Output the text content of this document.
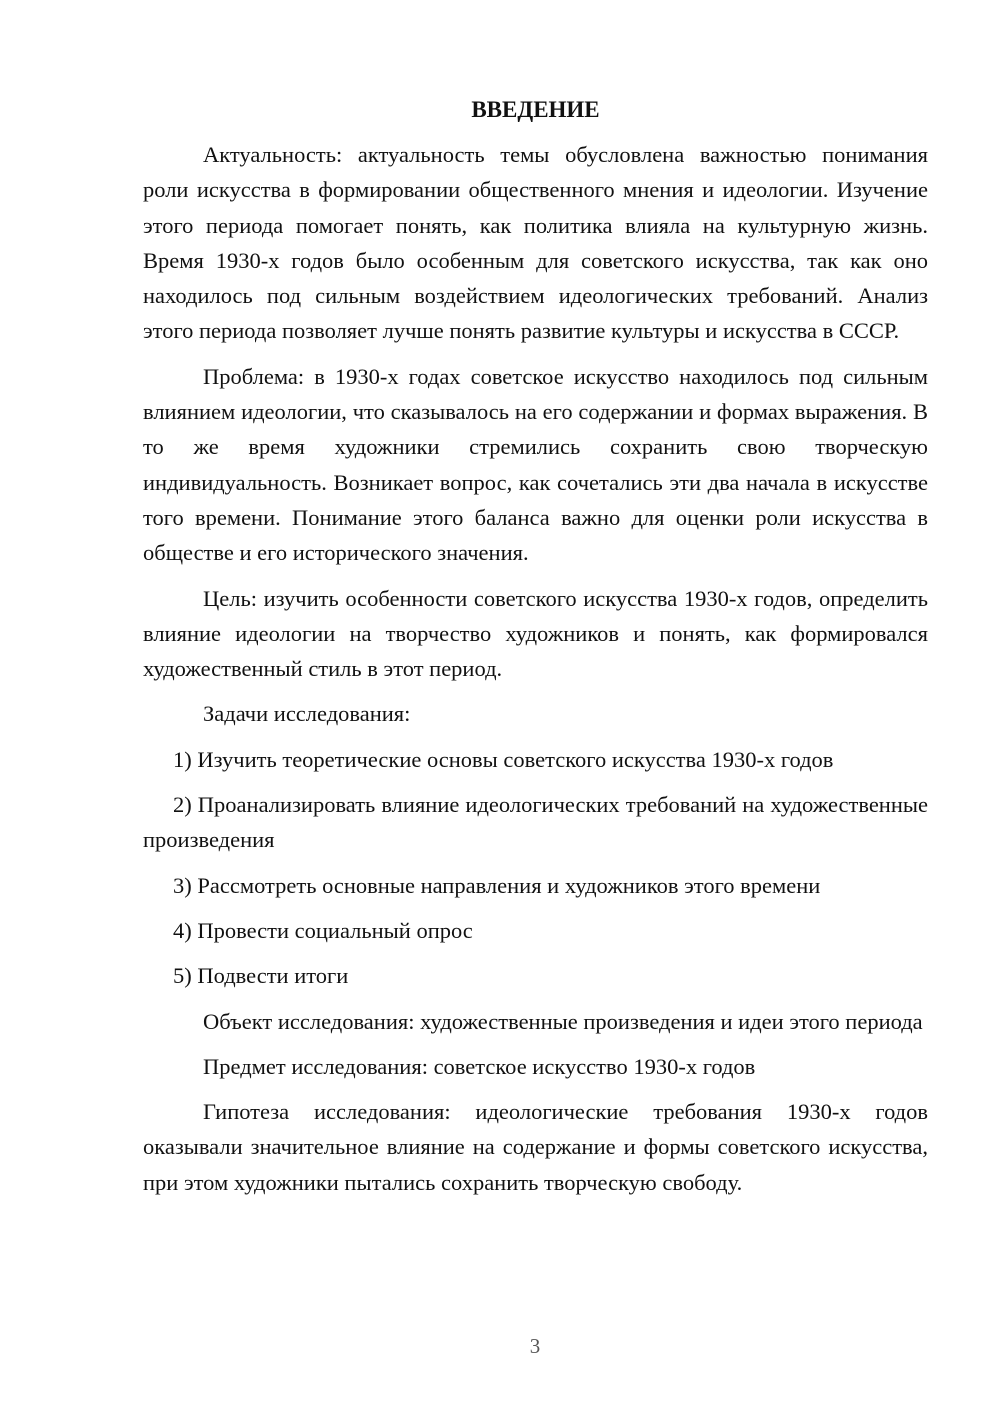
ВВЕДЕНИЕ

Актуальность: актуальность темы обусловлена важностью понимания роли искусства в формировании общественного мнения и идеологии. Изучение этого периода помогает понять, как политика влияла на культурную жизнь. Время 1930-х годов было особенным для советского искусства, так как оно находилось под сильным воздействием идеологических требований. Анализ этого периода позволяет лучше понять развитие культуры и искусства в СССР.

Проблема: в 1930-х годах советское искусство находилось под сильным влиянием идеологии, что сказывалось на его содержании и формах выражения. В то же время художники стремились сохранить свою творческую индивидуальность. Возникает вопрос, как сочетались эти два начала в искусстве того времени. Понимание этого баланса важно для оценки роли искусства в обществе и его исторического значения.

Цель: изучить особенности советского искусства 1930-х годов, определить влияние идеологии на творчество художников и понять, как формировался художественный стиль в этот период.

Задачи исследования:

1) Изучить теоретические основы советского искусства 1930-х годов

2) Проанализировать влияние идеологических требований на художественные произведения

3) Рассмотреть основные направления и художников этого времени

4) Провести социальный опрос

5) Подвести итоги

Объект исследования: художественные произведения и идеи этого периода

Предмет исследования: советское искусство 1930-х годов

Гипотеза исследования: идеологические требования 1930-х годов оказывали значительное влияние на содержание и формы советского искусства, при этом художники пытались сохранить творческую свободу.

3
